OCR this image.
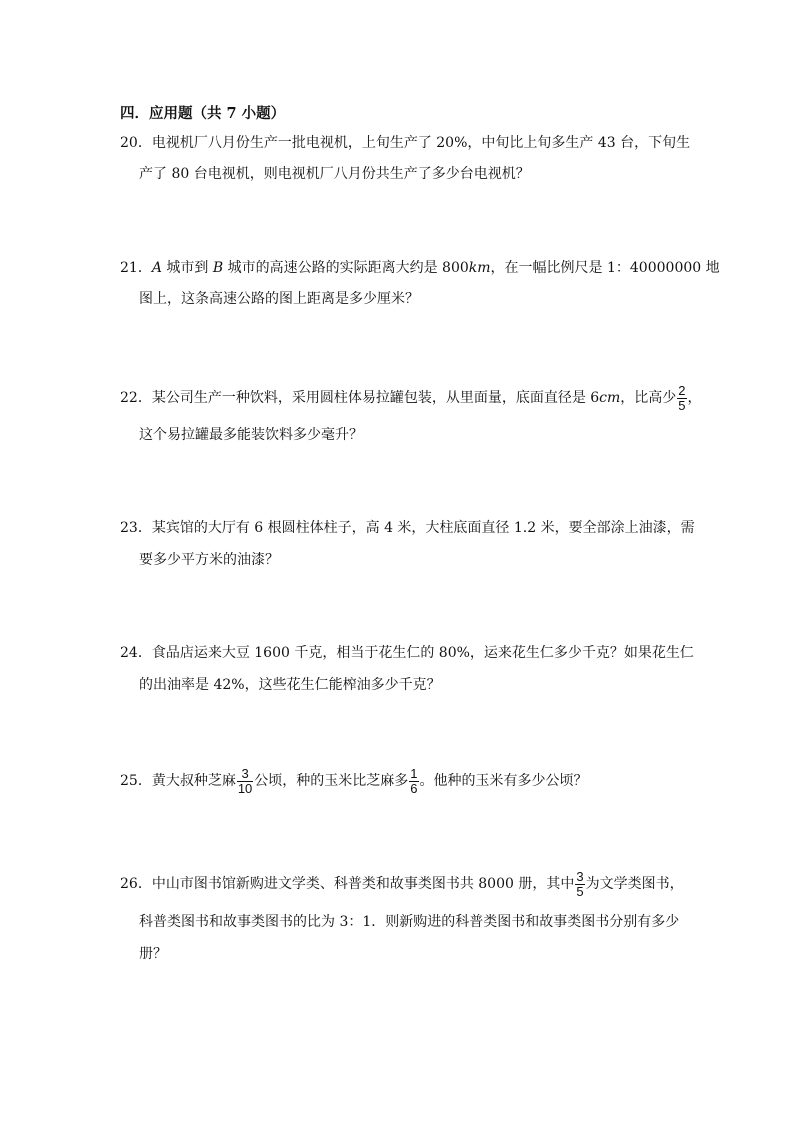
四．应用题（共 7 小题）
20．电视机厂八月份生产一批电视机，上旬生产了 20%，中旬比上旬多生产 43 台，下旬生
产了 80 台电视机，则电视机厂八月份共生产了多少台电视机？
21．A 城市到 B 城市的高速公路的实际距离大约是 800km，在一幅比例尺是 1：40000000 地
图上，这条高速公路的图上距离是多少厘米？
22．某公司生产一种饮料，采用圆柱体易拉罐包装，从里面量，底面直径是 6cm，比高少 $\frac{2}{5}$ ，
这个易拉罐最多能装饮料多少毫升？
23．某宾馆的大厅有 6 根圆柱体柱子，高 4 米，大柱底面直径 1.2 米，要全部涂上油漆，需
要多少平方米的油漆？
24．食品店运来大豆 1600 千克，相当于花生仁的 80%，运来花生仁多少千克？如果花生仁
的出油率是 42%，这些花生仁能榨油多少千克？
25．黄大叔种芝麻 $\frac{3}{10}$ 公顷，种的玉米比芝麻多 $\frac{1}{6}$ 。他种的玉米有多少公顷？
26．中山市图书馆新购进文学类、科普类和故事类图书共 8000 册，其中 $\frac{3}{5}$ 为文学类图书，
科普类图书和故事类图书的比为 3：1．则新购进的科普类图书和故事类图书分别有多少
册？
